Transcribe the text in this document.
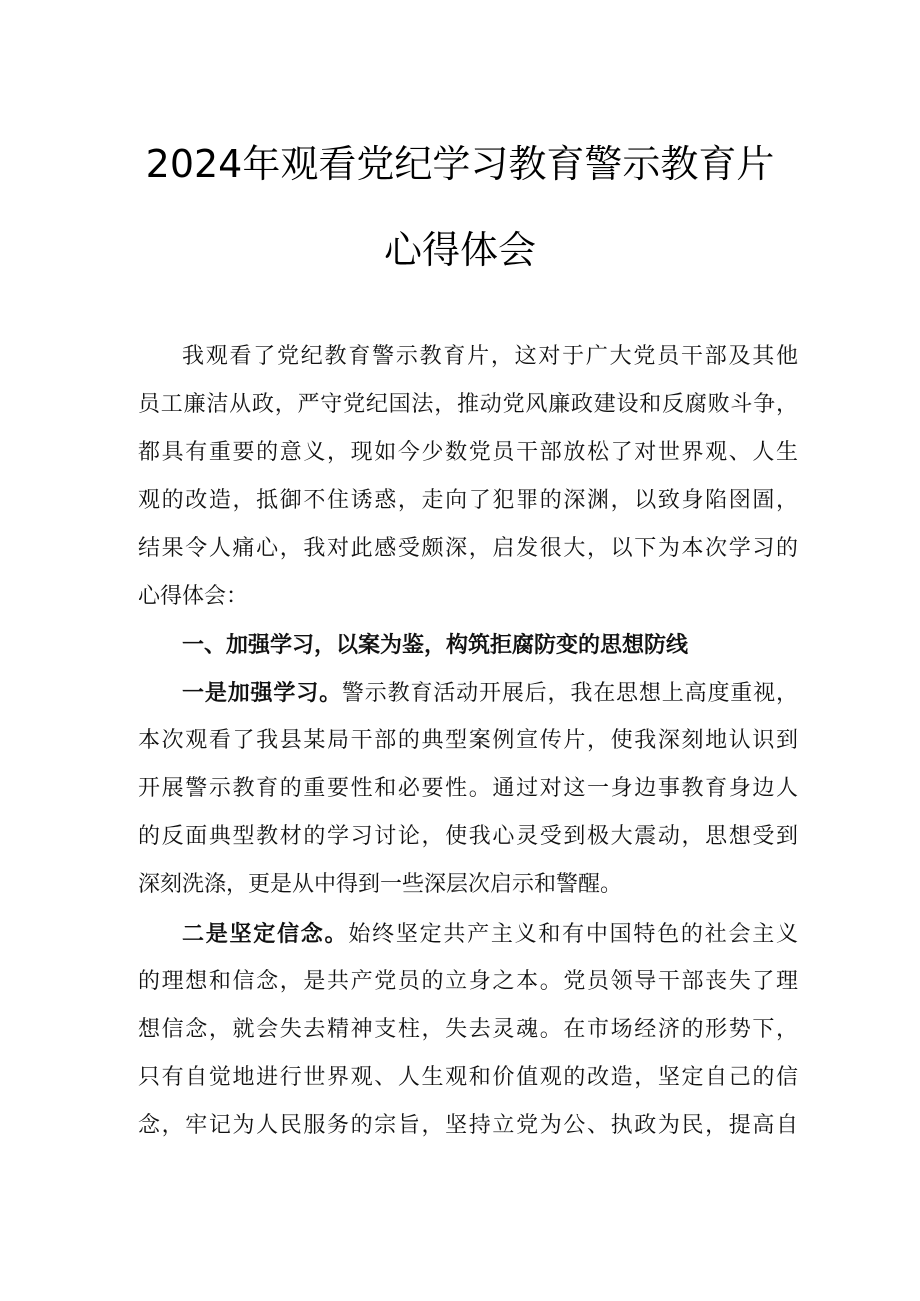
2024年观看党纪学习教育警示教育片
心得体会
我观看了党纪教育警示教育片，这对于广大党员干部及其他
员工廉洁从政，严守党纪国法，推动党风廉政建设和反腐败斗争，
都具有重要的意义，现如今少数党员干部放松了对世界观、人生
观的改造，抵御不住诱惑，走向了犯罪的深渊，以致身陷囹圄，
结果令人痛心，我对此感受颇深，启发很大，以下为本次学习的
心得体会：
一、加强学习，以案为鉴，构筑拒腐防变的思想防线
一是加强学习。警示教育活动开展后，我在思想上高度重视，
本次观看了我县某局干部的典型案例宣传片，使我深刻地认识到
开展警示教育的重要性和必要性。通过对这一身边事教育身边人
的反面典型教材的学习讨论，使我心灵受到极大震动，思想受到
深刻洗涤，更是从中得到一些深层次启示和警醒。
二是坚定信念。始终坚定共产主义和有中国特色的社会主义
的理想和信念，是共产党员的立身之本。党员领导干部丧失了理
想信念，就会失去精神支柱，失去灵魂。在市场经济的形势下，
只有自觉地进行世界观、人生观和价值观的改造，坚定自己的信
念，牢记为人民服务的宗旨，坚持立党为公、执政为民，提高自
